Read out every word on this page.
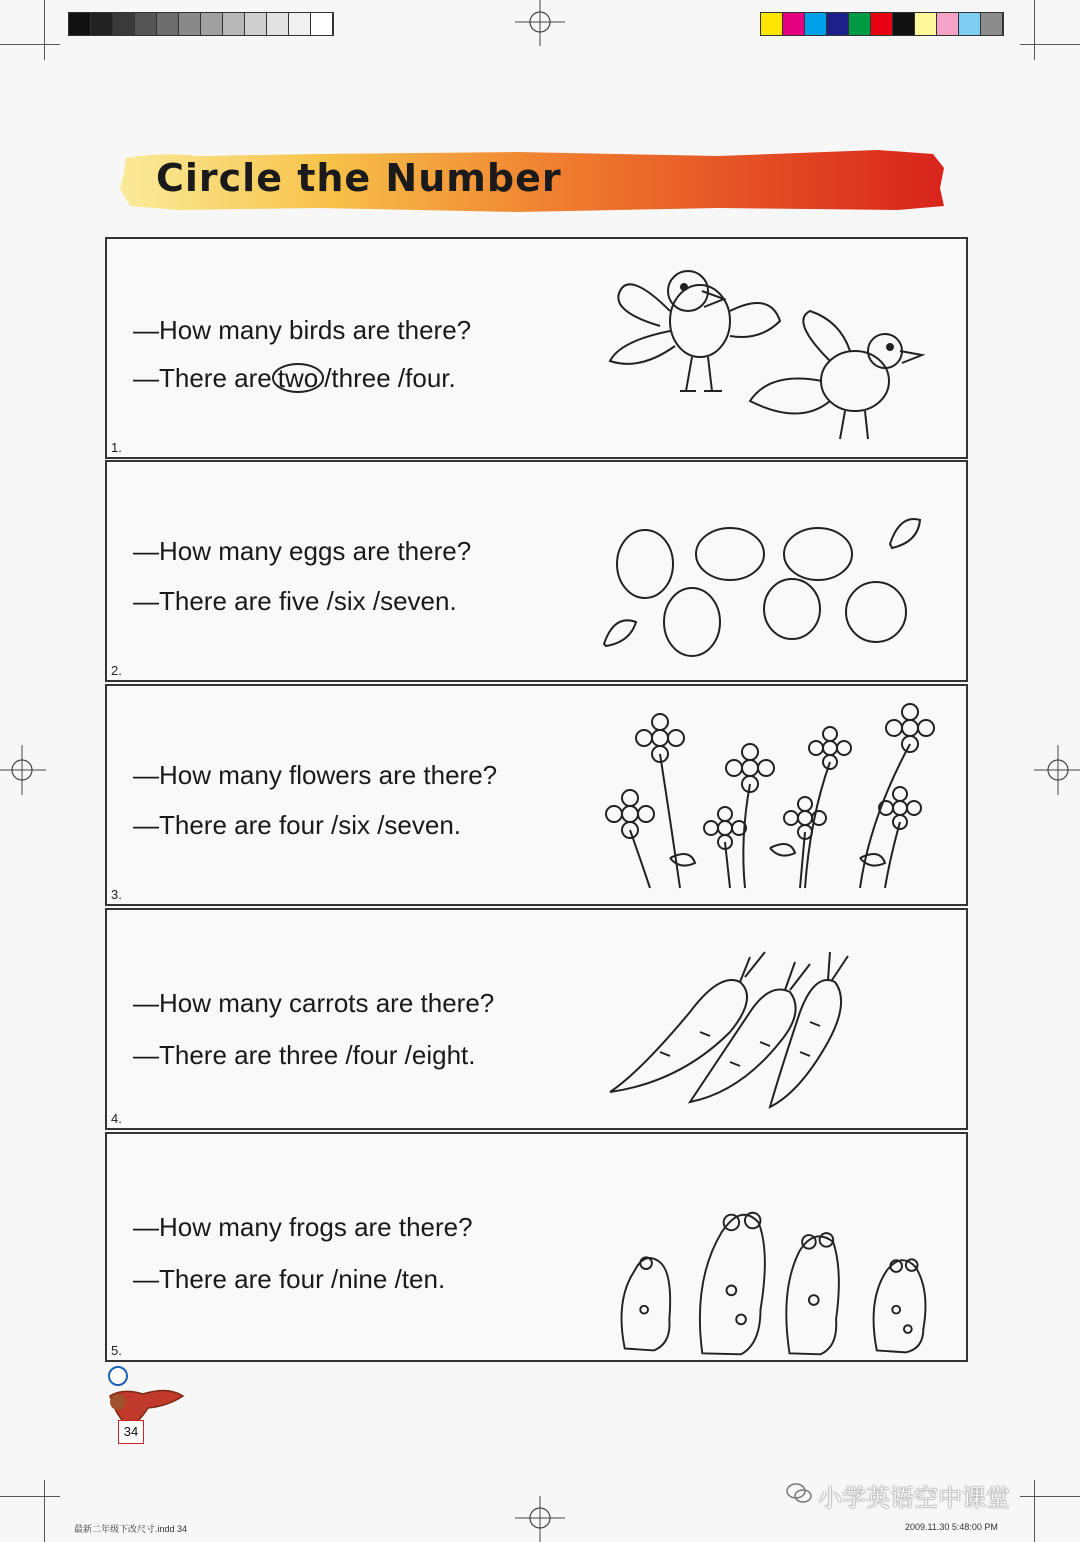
Circle the Number
—How many birds are there?
—There are two /three /four.
1.
—How many eggs are there?
—There are five /six /seven.
2.
—How many flowers are there?
—There are four /six /seven.
3.
—How many carrots are there?
—There are three /four /eight.
4.
—How many frogs are there?
—There are four /nine /ten.
5.
34
小学英语空中课堂
最新二年级下改尺寸.indd 34	2009.11.30 5:48:00 PM
